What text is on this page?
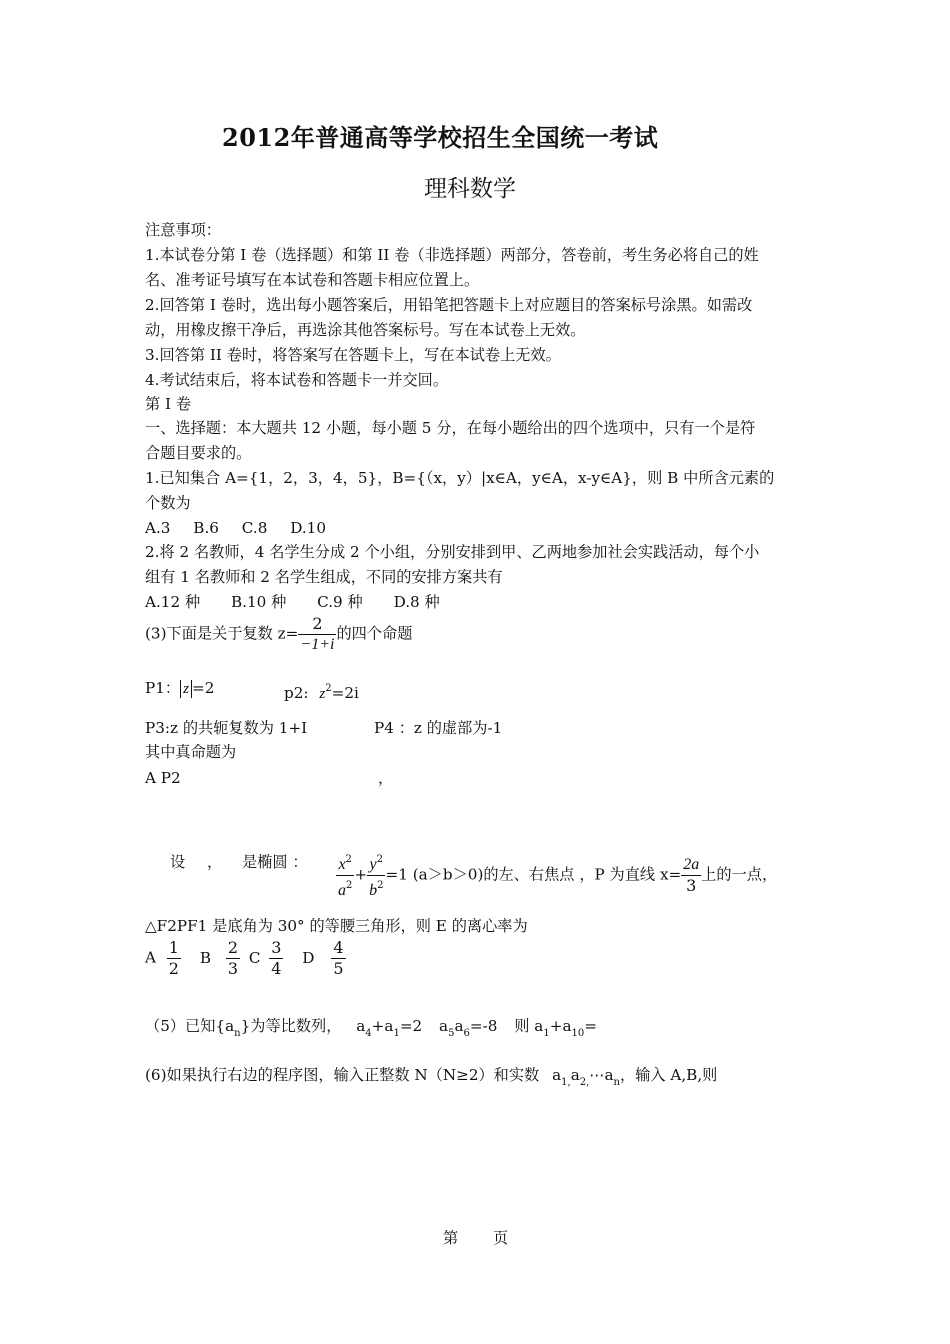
2012年普通高等学校招生全国统一考试
理科数学
注意事项：
1.本试卷分第 I 卷（选择题）和第 II 卷（非选择题）两部分，答卷前，考生务必将自己的姓
名、准考证号填写在本试卷和答题卡相应位置上。
2.回答第 I 卷时，选出每小题答案后，用铅笔把答题卡上对应题目的答案标号涂黑。如需改
动，用橡皮擦干净后，再选涂其他答案标号。写在本试卷上无效。
3.回答第 II 卷时，将答案写在答题卡上，写在本试卷上无效。
4.考试结束后，将本试卷和答题卡一并交回。
第 I 卷
一、选择题：本大题共 12 小题，每小题 5 分，在每小题给出的四个选项中，只有一个是符
合题目要求的。
1.已知集合 A={1，2，3，4，5}，B={（x，y）|x∈A，y∈A，x-y∈A}，则 B 中所含元素的
个数为
A.3 B.6 C.8 D.10
2.将 2 名教师，4 名学生分成 2 个小组，分别安排到甲、乙两地参加社会实践活动，每个小
组有 1 名教师和 2 名学生组成，不同的安排方案共有
A.12 种 B.10 种 C.9 种 D.8 种
(3)下面是关于复数 $z= \frac{2}{-1+i}$ 的四个命题
P1： z =2	p2: $z^2=2i$
P3:z 的共轭复数为 1+I	P4 ：z 的虚部为-1
其中真命题为
A P2	，
设 ， 是椭圆 ： $\frac{x^2}{a^2} + \frac{y^2}{b^2} =1$ (a＞b＞0)的左、右焦点 ，P 为直线 $x= \frac{2a}{3}$ 上的一点，
△F2PF1 是底角为 30° 的等腰三角形，则 E 的离心率为
A $\frac{1}{2}$ B $\frac{2}{3}$ C $\frac{3}{4}$ D $\frac{4}{5}$
（5）已知$\{a_n\}$为等比数列， $a_4+a_1=2$ $a_5a_6=-8$ 则 $a_1+a_{10}=$
(6)如果执行右边的程序图，输入正整数 N（N≥2）和实数 $a_{1,}a_{2,}\cdots a_n$，输入 A,B,则
第 页
